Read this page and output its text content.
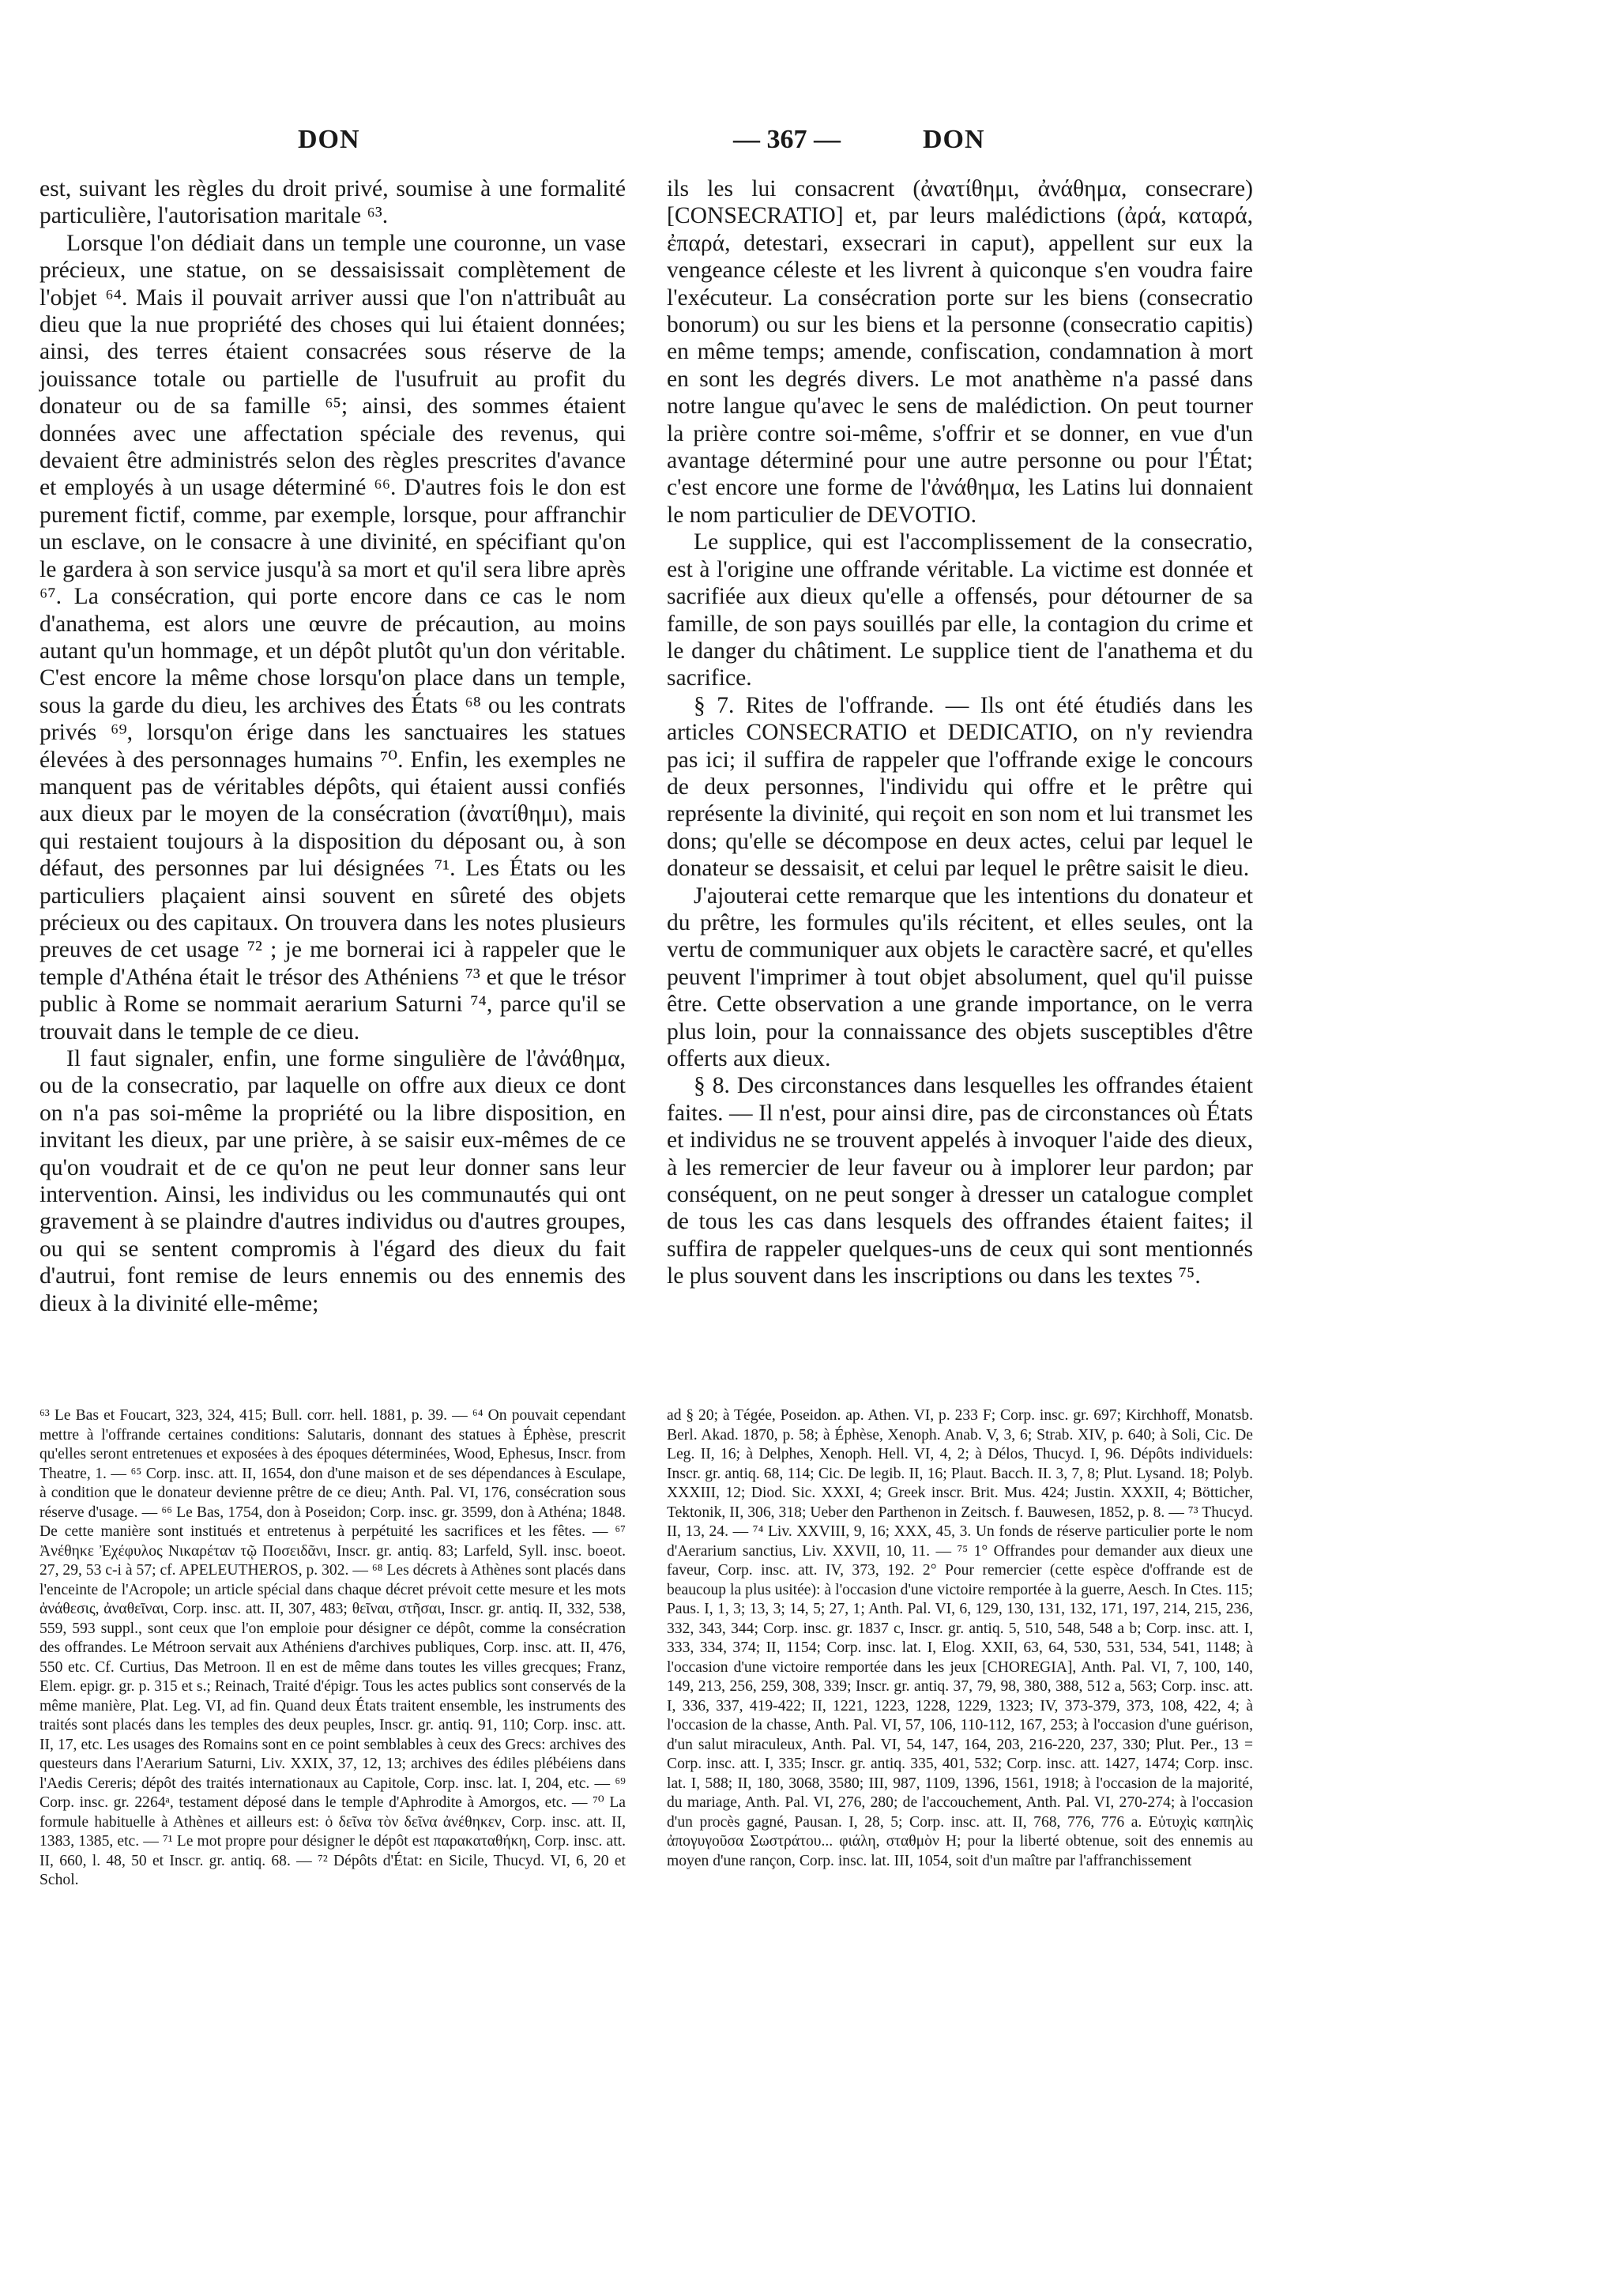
DON	— 367 —	DON

est, suivant les règles du droit privé, soumise à une formalité particulière, l'autorisation maritale ⁶³.

Lorsque l'on dédiait dans un temple une couronne, un vase précieux, une statue, on se dessaisissait complètement de l'objet ⁶⁴. Mais il pouvait arriver aussi que l'on n'attribuât au dieu que la nue propriété des choses qui lui étaient données; ainsi, des terres étaient consacrées sous réserve de la jouissance totale ou partielle de l'usufruit au profit du donateur ou de sa famille ⁶⁵; ainsi, des sommes étaient données avec une affectation spéciale des revenus, qui devaient être administrés selon des règles prescrites d'avance et employés à un usage déterminé ⁶⁶. D'autres fois le don est purement fictif, comme, par exemple, lorsque, pour affranchir un esclave, on le consacre à une divinité, en spécifiant qu'on le gardera à son service jusqu'à sa mort et qu'il sera libre après ⁶⁷. La consécration, qui porte encore dans ce cas le nom d'anathema, est alors une œuvre de précaution, au moins autant qu'un hommage, et un dépôt plutôt qu'un don véritable. C'est encore la même chose lorsqu'on place dans un temple, sous la garde du dieu, les archives des États ⁶⁸ ou les contrats privés ⁶⁹, lorsqu'on érige dans les sanctuaires les statues élevées à des personnages humains ⁷⁰. Enfin, les exemples ne manquent pas de véritables dépôts, qui étaient aussi confiés aux dieux par le moyen de la consécration (ἀνατίθημι), mais qui restaient toujours à la disposition du déposant ou, à son défaut, des personnes par lui désignées ⁷¹. Les États ou les particuliers plaçaient ainsi souvent en sûreté des objets précieux ou des capitaux. On trouvera dans les notes plusieurs preuves de cet usage ⁷² ; je me bornerai ici à rappeler que le temple d'Athéna était le trésor des Athéniens ⁷³ et que le trésor public à Rome se nommait aerarium Saturni ⁷⁴, parce qu'il se trouvait dans le temple de ce dieu.

Il faut signaler, enfin, une forme singulière de l'ἀνάθημα, ou de la consecratio, par laquelle on offre aux dieux ce dont on n'a pas soi-même la propriété ou la libre disposition, en invitant les dieux, par une prière, à se saisir eux-mêmes de ce qu'on voudrait et de ce qu'on ne peut leur donner sans leur intervention. Ainsi, les individus ou les communautés qui ont gravement à se plaindre d'autres individus ou d'autres groupes, ou qui se sentent compromis à l'égard des dieux du fait d'autrui, font remise de leurs ennemis ou des ennemis des dieux à la divinité elle-même;

ils les lui consacrent (ἀνατίθημι, ἀνάθημα, consecrare) [CONSECRATIO] et, par leurs malédictions (ἀρά, καταρά, ἐπαρά, detestari, exsecrari in caput), appellent sur eux la vengeance céleste et les livrent à quiconque s'en voudra faire l'exécuteur. La consécration porte sur les biens (consecratio bonorum) ou sur les biens et la personne (consecratio capitis) en même temps; amende, confiscation, condamnation à mort en sont les degrés divers. Le mot anathème n'a passé dans notre langue qu'avec le sens de malédiction. On peut tourner la prière contre soi-même, s'offrir et se donner, en vue d'un avantage déterminé pour une autre personne ou pour l'État; c'est encore une forme de l'ἀνάθημα, les Latins lui donnaient le nom particulier de DEVOTIO.

Le supplice, qui est l'accomplissement de la consecratio, est à l'origine une offrande véritable. La victime est donnée et sacrifiée aux dieux qu'elle a offensés, pour détourner de sa famille, de son pays souillés par elle, la contagion du crime et le danger du châtiment. Le supplice tient de l'anathema et du sacrifice.

§ 7. Rites de l'offrande. — Ils ont été étudiés dans les articles CONSECRATIO et DEDICATIO, on n'y reviendra pas ici; il suffira de rappeler que l'offrande exige le concours de deux personnes, l'individu qui offre et le prêtre qui représente la divinité, qui reçoit en son nom et lui transmet les dons; qu'elle se décompose en deux actes, celui par lequel le donateur se dessaisit, et celui par lequel le prêtre saisit le dieu.

J'ajouterai cette remarque que les intentions du donateur et du prêtre, les formules qu'ils récitent, et elles seules, ont la vertu de communiquer aux objets le caractère sacré, et qu'elles peuvent l'imprimer à tout objet absolument, quel qu'il puisse être. Cette observation a une grande importance, on le verra plus loin, pour la connaissance des objets susceptibles d'être offerts aux dieux.

§ 8. Des circonstances dans lesquelles les offrandes étaient faites. — Il n'est, pour ainsi dire, pas de circonstances où États et individus ne se trouvent appelés à invoquer l'aide des dieux, à les remercier de leur faveur ou à implorer leur pardon; par conséquent, on ne peut songer à dresser un catalogue complet de tous les cas dans lesquels des offrandes étaient faites; il suffira de rappeler quelques-uns de ceux qui sont mentionnés le plus souvent dans les inscriptions ou dans les textes ⁷⁵.

⁶³ Le Bas et Foucart, 323, 324, 415; Bull. corr. hell. 1881, p. 39. — ⁶⁴ On pouvait cependant mettre à l'offrande certaines conditions: Salutaris, donnant des statues à Éphèse, prescrit qu'elles seront entretenues et exposées à des époques déterminées, Wood, Ephesus, Inscr. from Theatre, 1. — ⁶⁵ Corp. insc. att. II, 1654, don d'une maison et de ses dépendances à Esculape, à condition que le donateur devienne prêtre de ce dieu; Anth. Pal. VI, 176, consécration sous réserve d'usage. — ⁶⁶ Le Bas, 1754, don à Poseidon; Corp. insc. gr. 3599, don à Athéna; 1848. De cette manière sont institués et entretenus à perpétuité les sacrifices et les fêtes. — ⁶⁷ Ἀνέθηκε Ἐχέφυλος Νικαρέταν τῷ Ποσειδᾶνι, Inscr. gr. antiq. 83; Larfeld, Syll. insc. boeot. 27, 29, 53 c-i à 57; cf. APELEUTHEROS, p. 302. — ⁶⁸ Les décrets à Athènes sont placés dans l'enceinte de l'Acropole; un article spécial dans chaque décret prévoit cette mesure et les mots ἀνάθεσις, ἀναθεῖναι, Corp. insc. att. II, 307, 483; θεῖναι, στῆσαι, Inscr. gr. antiq. II, 332, 538, 559, 593 suppl., sont ceux que l'on emploie pour désigner ce dépôt, comme la consécration des offrandes. Le Métroon servait aux Athéniens d'archives publiques, Corp. insc. att. II, 476, 550 etc. Cf. Curtius, Das Metroon. Il en est de même dans toutes les villes grecques; Franz, Elem. epigr. gr. p. 315 et s.; Reinach, Traité d'épigr. Tous les actes publics sont conservés de la même manière, Plat. Leg. VI, ad fin. Quand deux États traitent ensemble, les instruments des traités sont placés dans les temples des deux peuples, Inscr. gr. antiq. 91, 110; Corp. insc. att. II, 17, etc. Les usages des Romains sont en ce point semblables à ceux des Grecs: archives des questeurs dans l'Aerarium Saturni, Liv. XXIX, 37, 12, 13; archives des édiles plébéiens dans l'Aedis Cereris; dépôt des traités internationaux au Capitole, Corp. insc. lat. I, 204, etc. — ⁶⁹ Corp. insc. gr. 2264ᵃ, testament déposé dans le temple d'Aphrodite à Amorgos, etc. — ⁷⁰ La formule habituelle à Athènes et ailleurs est: ὁ δεῖνα τὸν δεῖνα ἀνέθηκεν, Corp. insc. att. II, 1383, 1385, etc. — ⁷¹ Le mot propre pour désigner le dépôt est παρακαταθήκη, Corp. insc. att. II, 660, l. 48, 50 et Inscr. gr. antiq. 68. — ⁷² Dépôts d'État: en Sicile, Thucyd. VI, 6, 20 et Schol.

ad § 20; à Tégée, Poseidon. ap. Athen. VI, p. 233 F; Corp. insc. gr. 697; Kirchhoff, Monatsb. Berl. Akad. 1870, p. 58; à Éphèse, Xenoph. Anab. V, 3, 6; Strab. XIV, p. 640; à Soli, Cic. De Leg. II, 16; à Delphes, Xenoph. Hell. VI, 4, 2; à Délos, Thucyd. I, 96. Dépôts individuels: Inscr. gr. antiq. 68, 114; Cic. De legib. II, 16; Plaut. Bacch. II. 3, 7, 8; Plut. Lysand. 18; Polyb. XXXIII, 12; Diod. Sic. XXXI, 4; Greek inscr. Brit. Mus. 424; Justin. XXXII, 4; Bötticher, Tektonik, II, 306, 318; Ueber den Parthenon in Zeitsch. f. Bauwesen, 1852, p. 8. — ⁷³ Thucyd. II, 13, 24. — ⁷⁴ Liv. XXVIII, 9, 16; XXX, 45, 3. Un fonds de réserve particulier porte le nom d'Aerarium sanctius, Liv. XXVII, 10, 11. — ⁷⁵ 1° Offrandes pour demander aux dieux une faveur, Corp. insc. att. IV, 373, 192. 2° Pour remercier (cette espèce d'offrande est de beaucoup la plus usitée): à l'occasion d'une victoire remportée à la guerre, Aesch. In Ctes. 115; Paus. I, 1, 3; 13, 3; 14, 5; 27, 1; Anth. Pal. VI, 6, 129, 130, 131, 132, 171, 197, 214, 215, 236, 332, 343, 344; Corp. insc. gr. 1837 c, Inscr. gr. antiq. 5, 510, 548, 548 a b; Corp. insc. att. I, 333, 334, 374; II, 1154; Corp. insc. lat. I, Elog. XXII, 63, 64, 530, 531, 534, 541, 1148; à l'occasion d'une victoire remportée dans les jeux [CHOREGIA], Anth. Pal. VI, 7, 100, 140, 149, 213, 256, 259, 308, 339; Inscr. gr. antiq. 37, 79, 98, 380, 388, 512 a, 563; Corp. insc. att. I, 336, 337, 419-422; II, 1221, 1223, 1228, 1229, 1323; IV, 373-379, 373, 108, 422, 4; à l'occasion de la chasse, Anth. Pal. VI, 57, 106, 110-112, 167, 253; à l'occasion d'une guérison, d'un salut miraculeux, Anth. Pal. VI, 54, 147, 164, 203, 216-220, 237, 330; Plut. Per., 13 = Corp. insc. att. I, 335; Inscr. gr. antiq. 335, 401, 532; Corp. insc. att. 1427, 1474; Corp. insc. lat. I, 588; II, 180, 3068, 3580; III, 987, 1109, 1396, 1561, 1918; à l'occasion de la majorité, du mariage, Anth. Pal. VI, 276, 280; de l'accouchement, Anth. Pal. VI, 270-274; à l'occasion d'un procès gagné, Pausan. I, 28, 5; Corp. insc. att. II, 768, 776, 776 a. Εὐτυχὶς καπηλὶς ἀπογυγοῦσα Σωστράτου... φιάλη, σταθμὸν Η; pour la liberté obtenue, soit des ennemis au moyen d'une rançon, Corp. insc. lat. III, 1054, soit d'un maître par l'affranchissement
